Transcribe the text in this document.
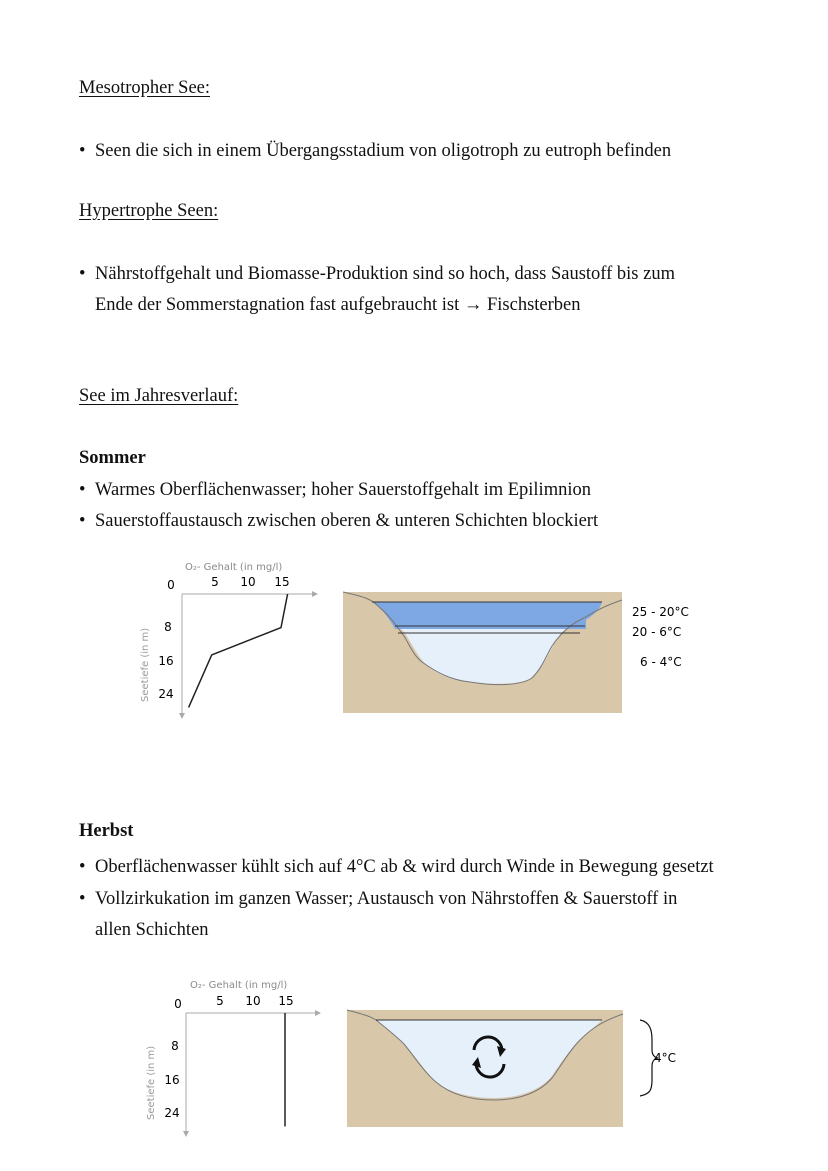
Mesotropher See:
• Seen die sich in einem Übergangsstadium von oligotroph zu eutroph befinden
Hypertrophe Seen:
• Nährstoffgehalt und Biomasse-Produktion sind so hoch, dass Saustoff bis zum
Ende der Sommerstagnation fast aufgebraucht ist → Fischsterben
See im Jahresverlauf:
Sommer
• Warmes Oberflächenwasser; hoher Sauerstoffgehalt im Epilimnion
• Sauerstoffaustausch zwischen oberen & unteren Schichten blockiert
O₂- Gehalt (in mg/l)
Seetiefe (in m)
5 10 15
0
8
16
24
25 - 20°C
20 - 6°C
6 - 4°C
Herbst
• Oberflächenwasser kühlt sich auf 4°C ab & wird durch Winde in Bewegung gesetzt
• Vollzirkukation im ganzen Wasser; Austausch von Nährstoffen & Sauerstoff in
allen Schichten
O₂- Gehalt (in mg/l)
Seetiefe (in m)
5 10 15
0
8
16
24
4°C
